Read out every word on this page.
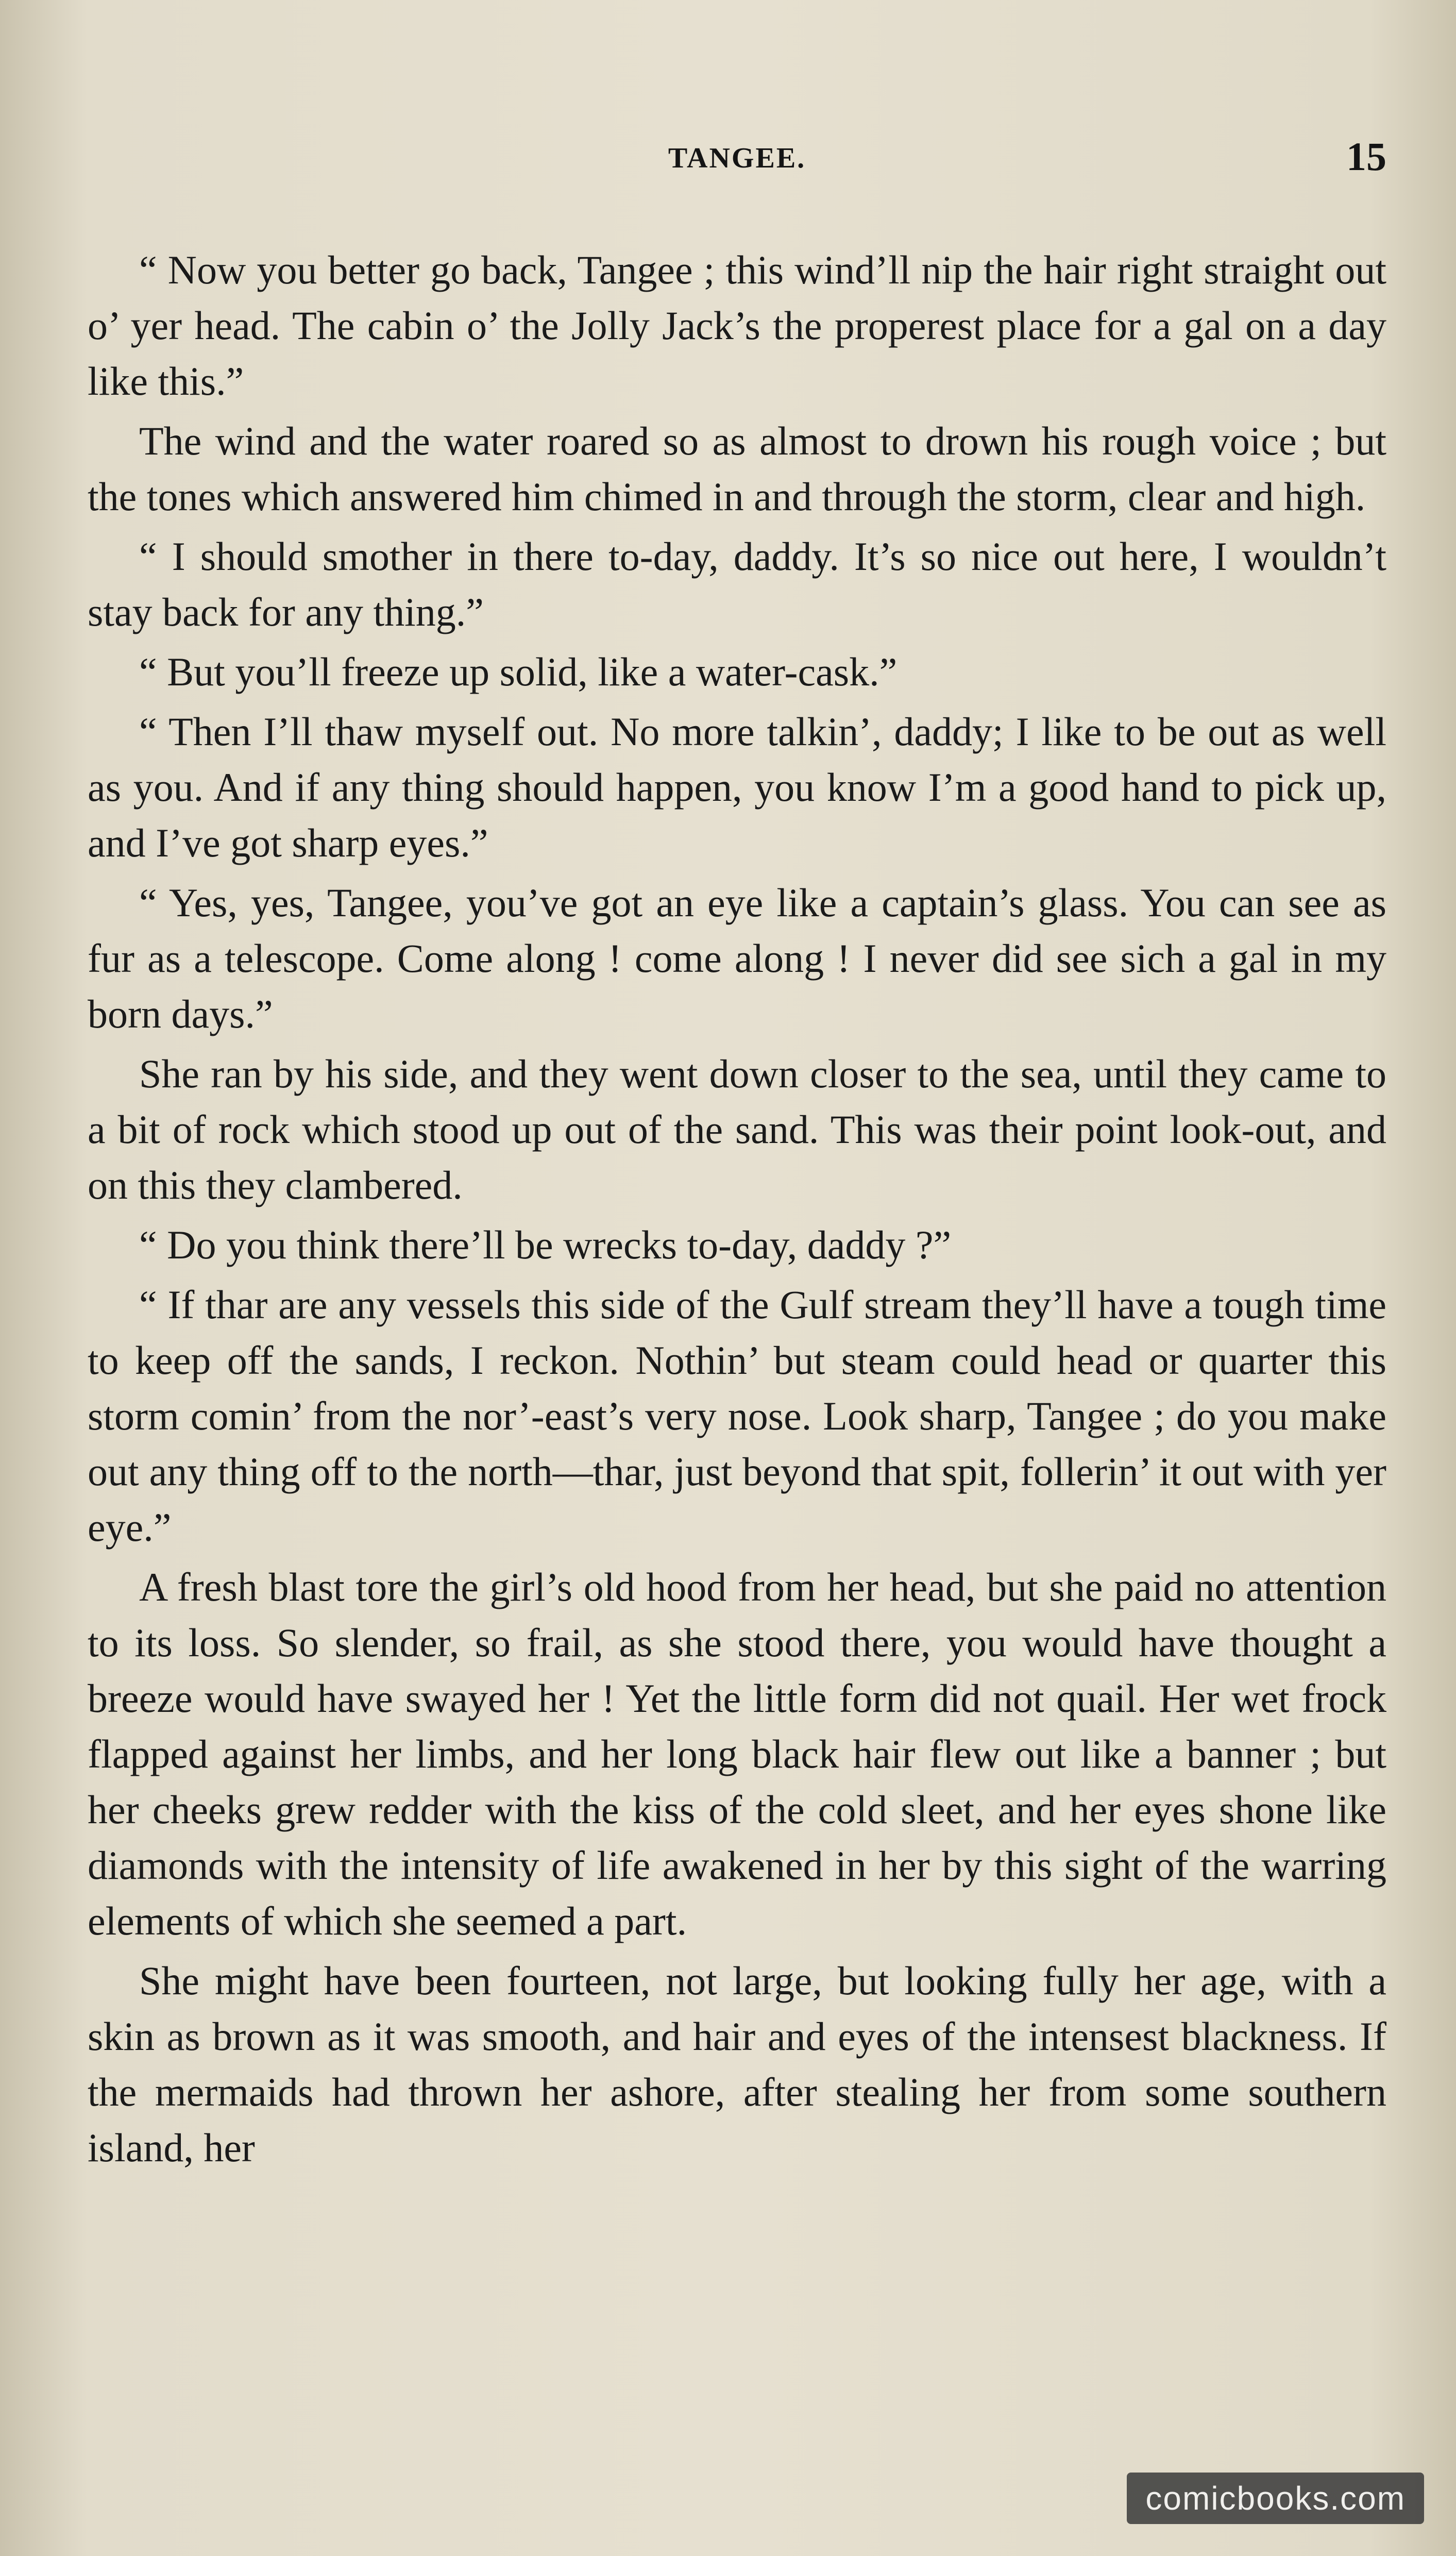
TANGEE.	15

“ Now you better go back, Tangee ; this wind’ll nip the hair right straight out o’ yer head. The cabin o’ the Jolly Jack’s the properest place for a gal on a day like this.”

The wind and the water roared so as almost to drown his rough voice ; but the tones which answered him chimed in and through the storm, clear and high.

“ I should smother in there to-day, daddy. It’s so nice out here, I wouldn’t stay back for any thing.”

“ But you’ll freeze up solid, like a water-cask.”

“ Then I’ll thaw myself out. No more talkin’, daddy; I like to be out as well as you. And if any thing should happen, you know I’m a good hand to pick up, and I’ve got sharp eyes.”

“ Yes, yes, Tangee, you’ve got an eye like a captain’s glass. You can see as fur as a telescope. Come along ! come along ! I never did see sich a gal in my born days.”

She ran by his side, and they went down closer to the sea, until they came to a bit of rock which stood up out of the sand. This was their point look-out, and on this they clambered.

“ Do you think there’ll be wrecks to-day, daddy ?”

“ If thar are any vessels this side of the Gulf stream they’ll have a tough time to keep off the sands, I reckon. Nothin’ but steam could head or quarter this storm comin’ from the nor’-east’s very nose. Look sharp, Tangee ; do you make out any thing off to the north—thar, just beyond that spit, follerin’ it out with yer eye.”

A fresh blast tore the girl’s old hood from her head, but she paid no attention to its loss. So slender, so frail, as she stood there, you would have thought a breeze would have swayed her ! Yet the little form did not quail. Her wet frock flapped against her limbs, and her long black hair flew out like a banner ; but her cheeks grew redder with the kiss of the cold sleet, and her eyes shone like diamonds with the intensity of life awakened in her by this sight of the warring elements of which she seemed a part.

She might have been fourteen, not large, but looking fully her age, with a skin as brown as it was smooth, and hair and eyes of the intensest blackness. If the mermaids had thrown her ashore, after stealing her from some southern island, her

comicbooks.com
